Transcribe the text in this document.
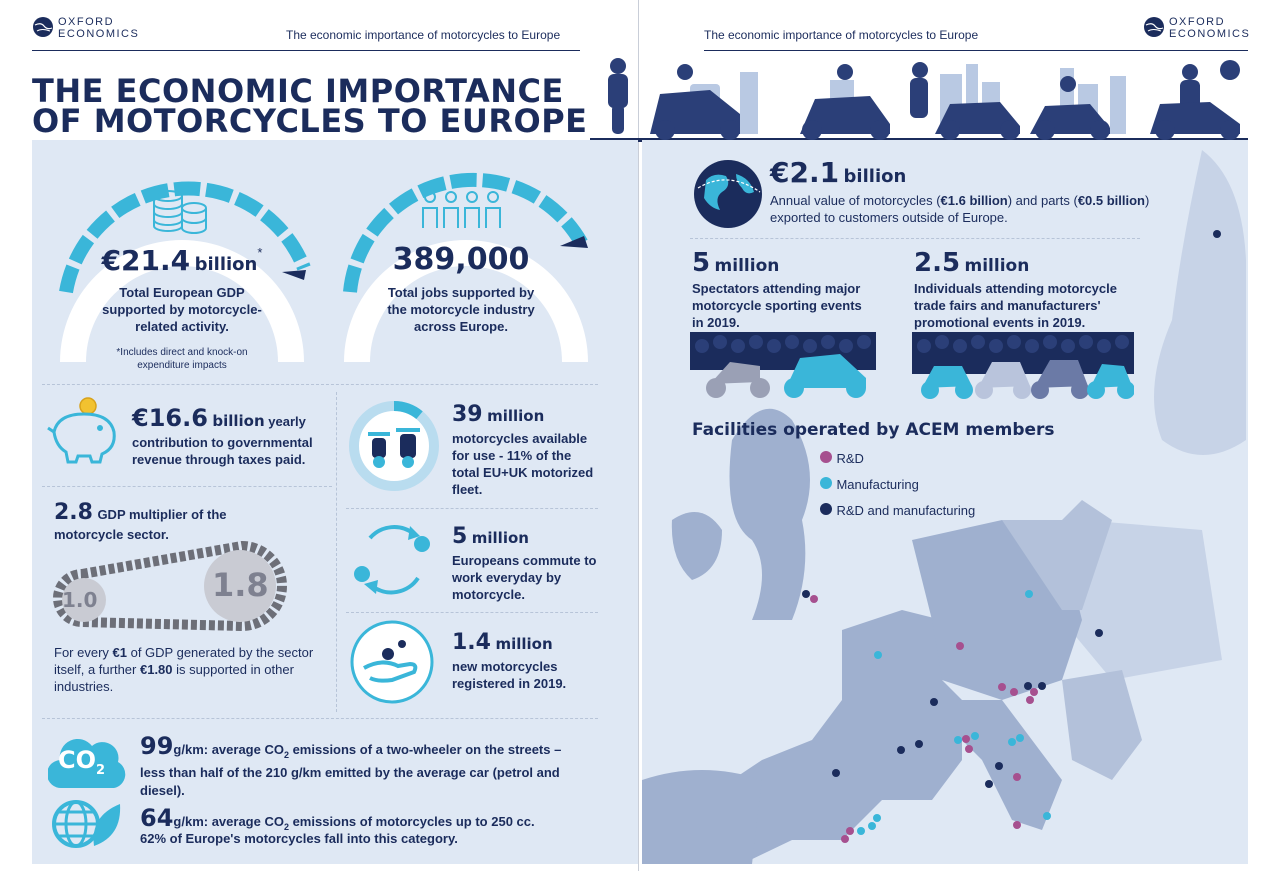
OXFORD
ECONOMICS	The economic importance of motorcycles to Europe	The economic importance of motorcycles to Europe
OXFORD
ECONOMICS
THE ECONOMIC IMPORTANCE
OF MOTORCYCLES TO EUROPE
€21.4 billion*
Total European GDP supported by motorcycle-related activity.
*Includes direct and knock-on expenditure impacts
389,000
Total jobs supported by the motorcycle industry across Europe.
€16.6 billion yearly
contribution to governmental revenue through taxes paid.
2.8 GDP multiplier of the
motorcycle sector.
1.0	1.8
For every €1 of GDP generated by the sector itself, a further €1.80 is supported in other industries.
39 million
motorcycles available for use - 11% of the total EU+UK motorized fleet.
5 million
Europeans commute to work everyday by motorcycle.
1.4 million
new motorcycles registered in 2019.
$CO_2$
99g/km: average $CO_2$ emissions of a two-wheeler on the streets – less than half of the 210 g/km emitted by the average car (petrol and diesel).
64g/km: average $CO_2$ emissions of motorcycles up to 250 cc.
62% of Europe's motorcycles fall into this category.
€2.1 billion
Annual value of motorcycles (€1.6 billion) and parts (€0.5 billion) exported to customers outside of Europe.
5 million
Spectators attending major motorcycle sporting events in 2019.
2.5 million
Individuals attending motorcycle trade fairs and manufacturers' promotional events in 2019.
Facilities operated by ACEM members
R&D
Manufacturing
R&D and manufacturing
